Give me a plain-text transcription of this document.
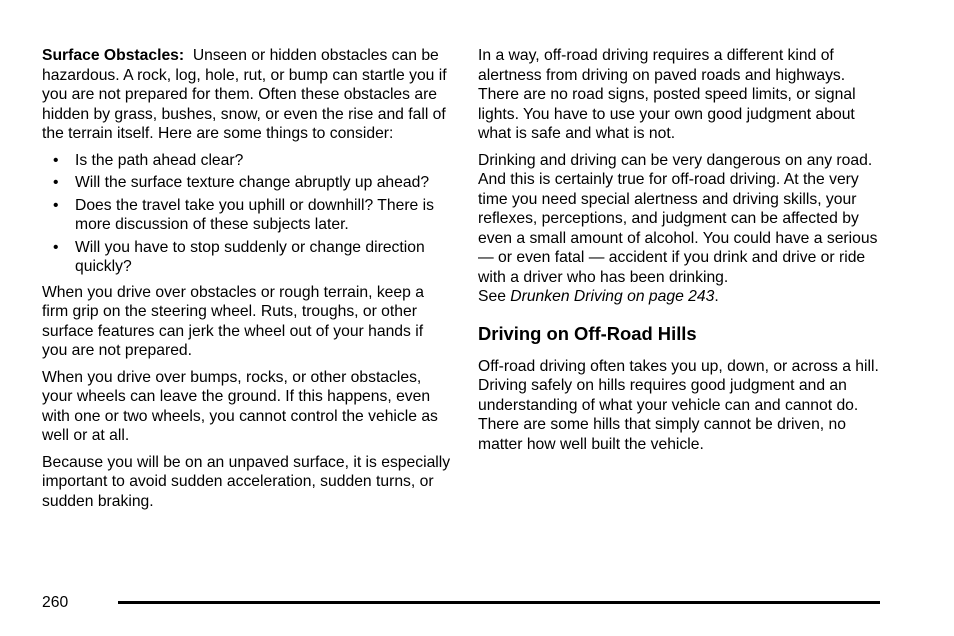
Surface Obstacles: Unseen or hidden obstacles can be hazardous. A rock, log, hole, rut, or bump can startle you if you are not prepared for them. Often these obstacles are hidden by grass, bushes, snow, or even the rise and fall of the terrain itself. Here are some things to consider:

• Is the path ahead clear?
• Will the surface texture change abruptly up ahead?
• Does the travel take you uphill or downhill? There is more discussion of these subjects later.
• Will you have to stop suddenly or change direction quickly?

When you drive over obstacles or rough terrain, keep a firm grip on the steering wheel. Ruts, troughs, or other surface features can jerk the wheel out of your hands if you are not prepared.

When you drive over bumps, rocks, or other obstacles, your wheels can leave the ground. If this happens, even with one or two wheels, you cannot control the vehicle as well or at all.

Because you will be on an unpaved surface, it is especially important to avoid sudden acceleration, sudden turns, or sudden braking.

In a way, off-road driving requires a different kind of alertness from driving on paved roads and highways. There are no road signs, posted speed limits, or signal lights. You have to use your own good judgment about what is safe and what is not.

Drinking and driving can be very dangerous on any road. And this is certainly true for off-road driving. At the very time you need special alertness and driving skills, your reflexes, perceptions, and judgment can be affected by even a small amount of alcohol. You could have a serious — or even fatal — accident if you drink and drive or ride with a driver who has been drinking.
See Drunken Driving on page 243.

Driving on Off-Road Hills

Off-road driving often takes you up, down, or across a hill. Driving safely on hills requires good judgment and an understanding of what your vehicle can and cannot do. There are some hills that simply cannot be driven, no matter how well built the vehicle.

260
